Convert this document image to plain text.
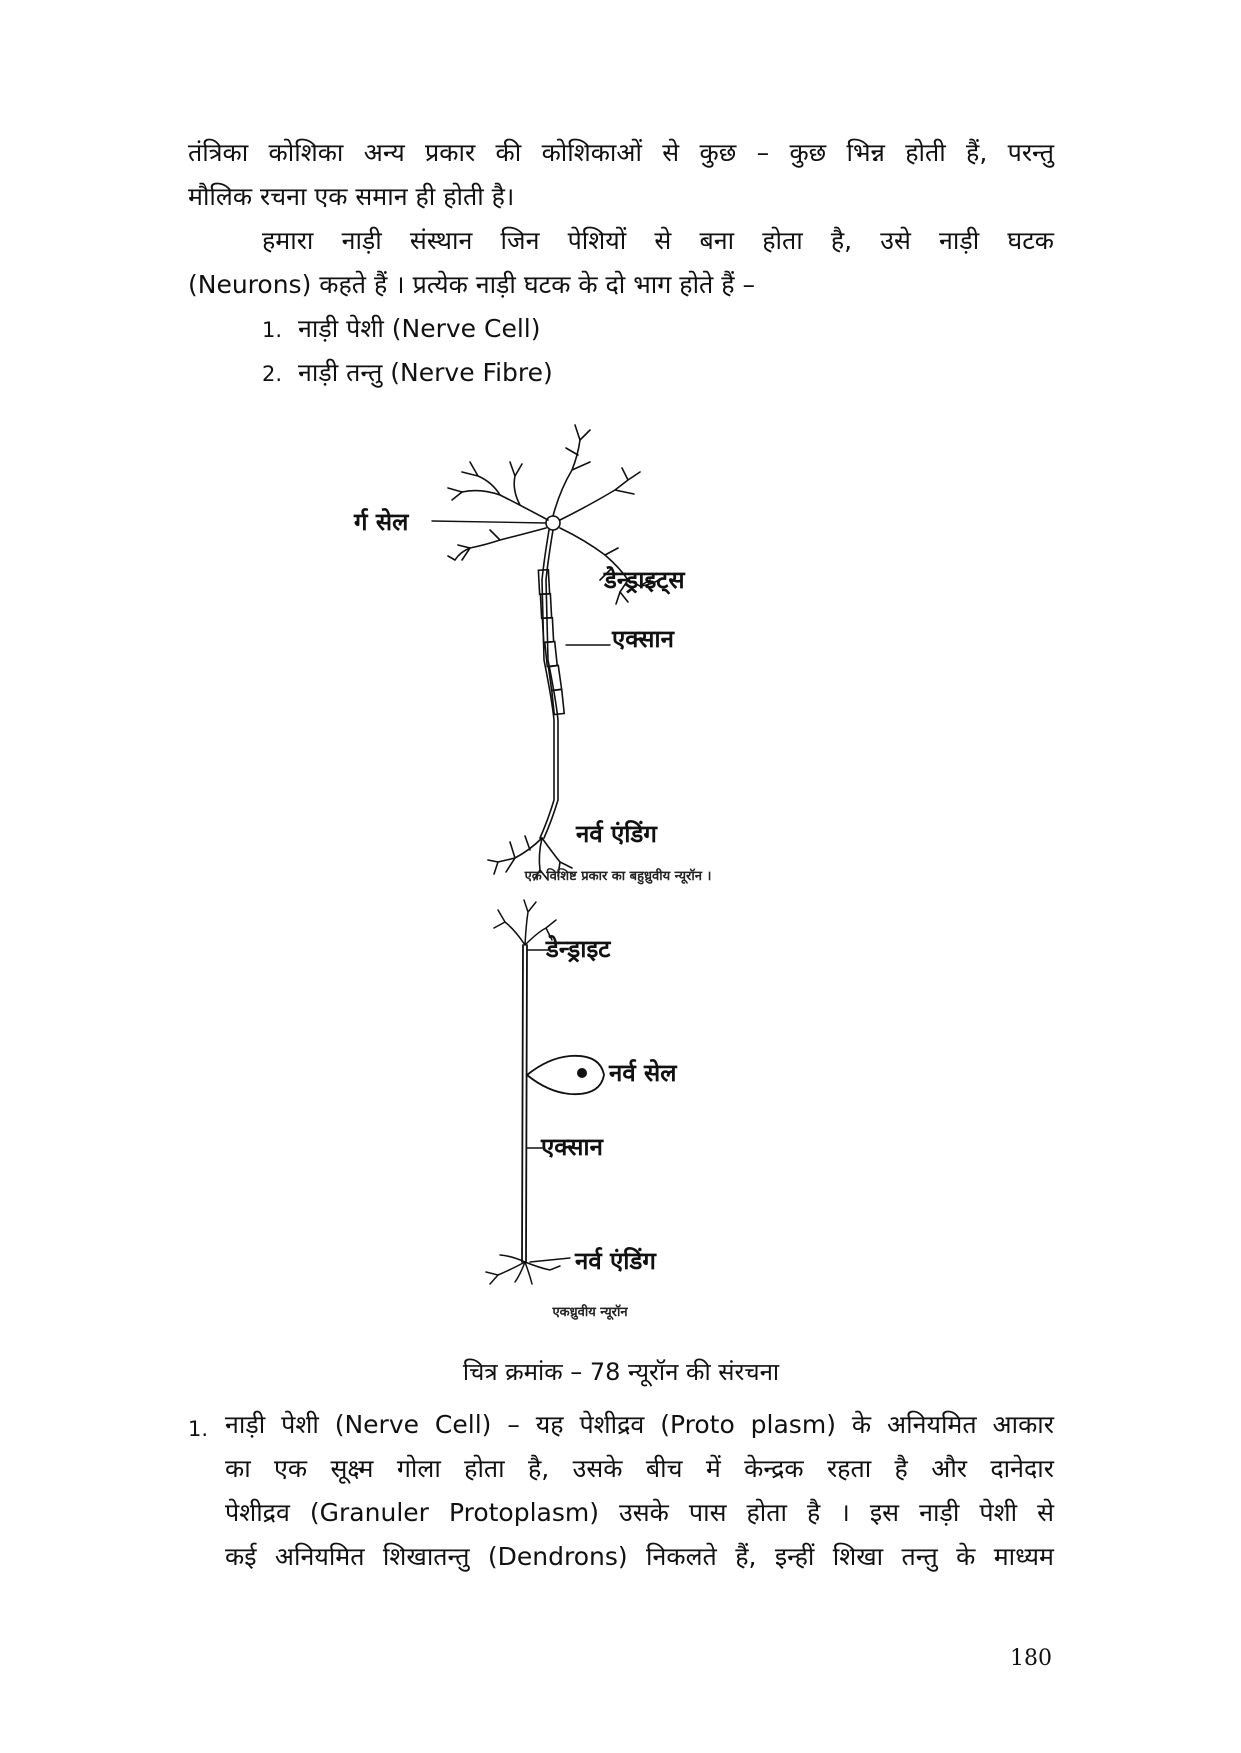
तंत्रिका कोशिका अन्य प्रकार की कोशिकाओं से कुछ – कुछ भिन्न होती हैं, परन्तु

मौलिक रचना एक समान ही होती है।

हमारा नाड़ी संस्थान जिन पेशियों से बना होता है, उसे नाड़ी घटक

(Neurons) कहते हैं । प्रत्येक नाड़ी घटक के दो भाग होते हैं –

1. नाड़ी पेशी (Nerve Cell)

2. नाड़ी तन्तु (Nerve Fibre)

र्ग सेल
डेन्ड्राइट्स
एक्सान
नर्व एंडिंग
एक विशिष्ट प्रकार का बहुध्रुवीय न्यूरॉन ।
डेन्ड्राइट
नर्व सेल
एक्सान
नर्व एंडिंग
एकध्रुवीय न्यूरॉन
चित्र क्रमांक – 78 न्यूरॉन की संरचना
1. नाड़ी पेशी (Nerve Cell) – यह पेशीद्रव (Proto plasm) के अनियमित आकार

का एक सूक्ष्म गोला होता है, उसके बीच में केन्द्रक रहता है और दानेदार

पेशीद्रव (Granuler Protoplasm) उसके पास होता है । इस नाड़ी पेशी से

कई अनियमित शिखातन्तु (Dendrons) निकलते हैं, इन्हीं शिखा तन्तु के माध्यम

180
